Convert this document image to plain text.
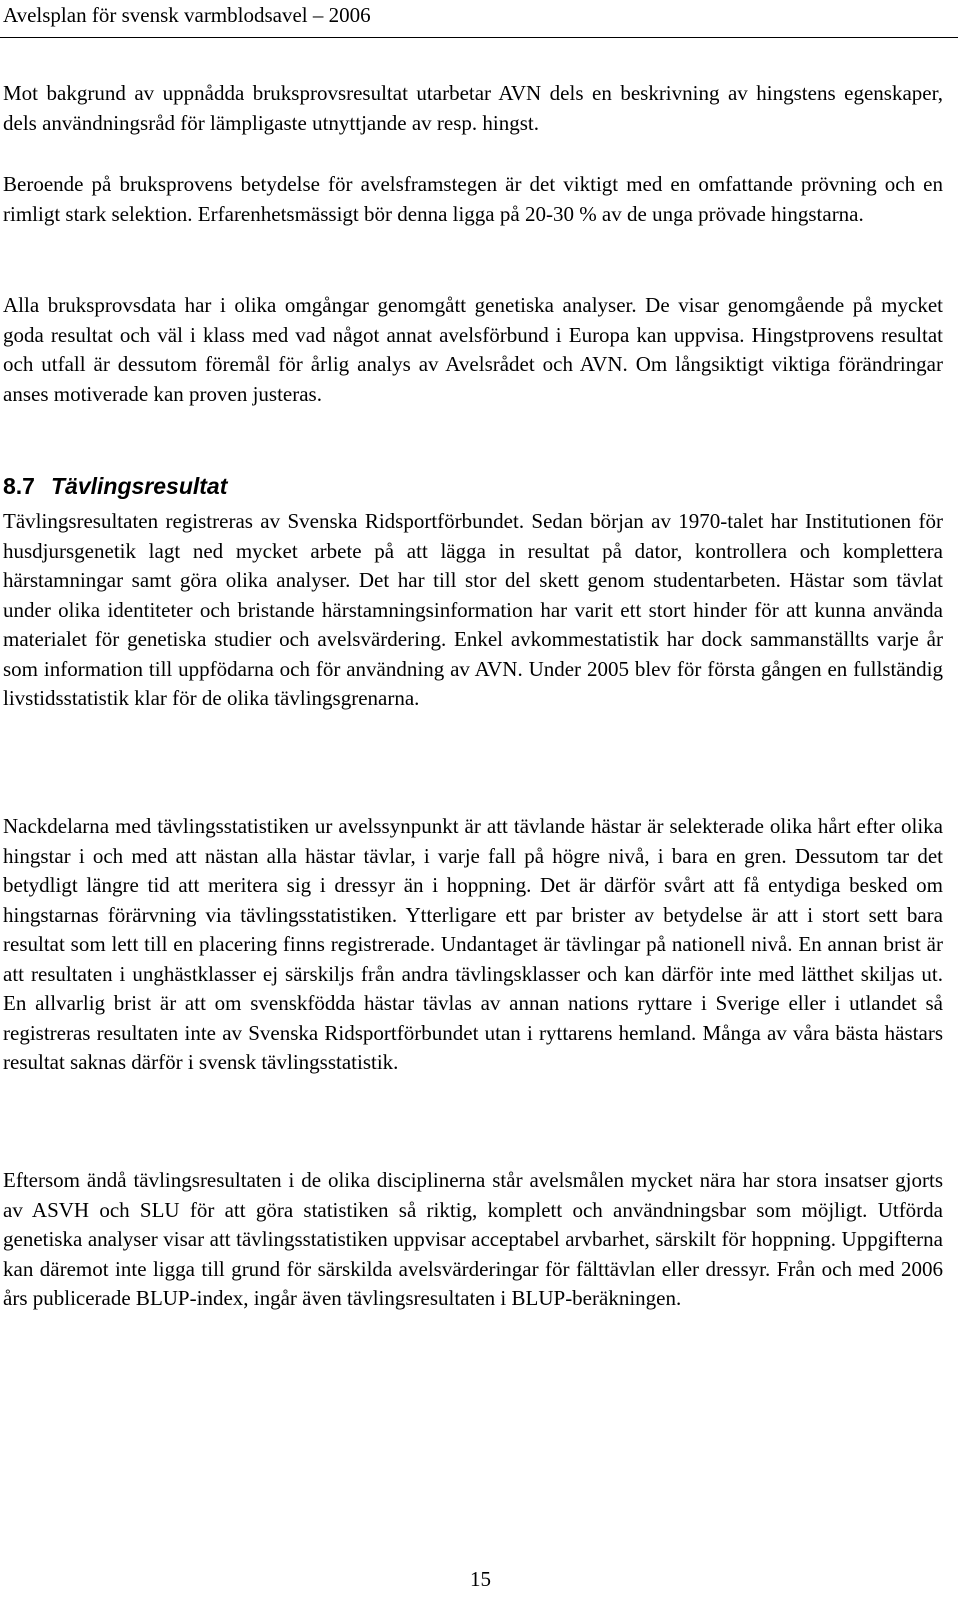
Avelsplan för svensk varmblodsavel – 2006

Mot bakgrund av uppnådda bruksprovsresultat utarbetar AVN dels en beskrivning av hingstens egenskaper, dels användningsråd för lämpligaste utnyttjande av resp. hingst.

Beroende på bruksprovens betydelse för avelsframstegen är det viktigt med en omfattande prövning och en rimligt stark selektion. Erfarenhetsmässigt bör denna ligga på 20-30 % av de unga prövade hingstarna.

Alla bruksprovsdata har i olika omgångar genomgått genetiska analyser. De visar genomgående på mycket goda resultat och väl i klass med vad något annat avelsförbund i Europa kan uppvisa. Hingstprovens resultat och utfall är dessutom föremål för årlig analys av Avelsrådet och AVN. Om långsiktigt viktiga förändringar anses motiverade kan proven justeras.

8.7 Tävlingsresultat

Tävlingsresultaten registreras av Svenska Ridsportförbundet. Sedan början av 1970-talet har Institutionen för husdjursgenetik lagt ned mycket arbete på att lägga in resultat på dator, kontrollera och komplettera härstamningar samt göra olika analyser. Det har till stor del skett genom studentarbeten. Hästar som tävlat under olika identiteter och bristande härstamningsinformation har varit ett stort hinder för att kunna använda materialet för genetiska studier och avelsvärdering. Enkel avkommestatistik har dock sammanställts varje år som information till uppfödarna och för användning av AVN. Under 2005 blev för första gången en fullständig livstidsstatistik klar för de olika tävlingsgrenarna.

Nackdelarna med tävlingsstatistiken ur avelssynpunkt är att tävlande hästar är selekterade olika hårt efter olika hingstar i och med att nästan alla hästar tävlar, i varje fall på högre nivå, i bara en gren. Dessutom tar det betydligt längre tid att meritera sig i dressyr än i hoppning. Det är därför svårt att få entydiga besked om hingstarnas förärvning via tävlingsstatistiken. Ytterligare ett par brister av betydelse är att i stort sett bara resultat som lett till en placering finns registrerade. Undantaget är tävlingar på nationell nivå. En annan brist är att resultaten i unghästklasser ej särskiljs från andra tävlingsklasser och kan därför inte med lätthet skiljas ut. En allvarlig brist är att om svenskfödda hästar tävlas av annan nations ryttare i Sverige eller i utlandet så registreras resultaten inte av Svenska Ridsportförbundet utan i ryttarens hemland. Många av våra bästa hästars resultat saknas därför i svensk tävlingsstatistik.

Eftersom ändå tävlingsresultaten i de olika disciplinerna står avelsmålen mycket nära har stora insatser gjorts av ASVH och SLU för att göra statistiken så riktig, komplett och användningsbar som möjligt. Utförda genetiska analyser visar att tävlingsstatistiken uppvisar acceptabel arvbarhet, särskilt för hoppning. Uppgifterna kan däremot inte ligga till grund för särskilda avelsvärderingar för fälttävlan eller dressyr. Från och med 2006 års publicerade BLUP-index, ingår även tävlingsresultaten i BLUP-beräkningen.

15
